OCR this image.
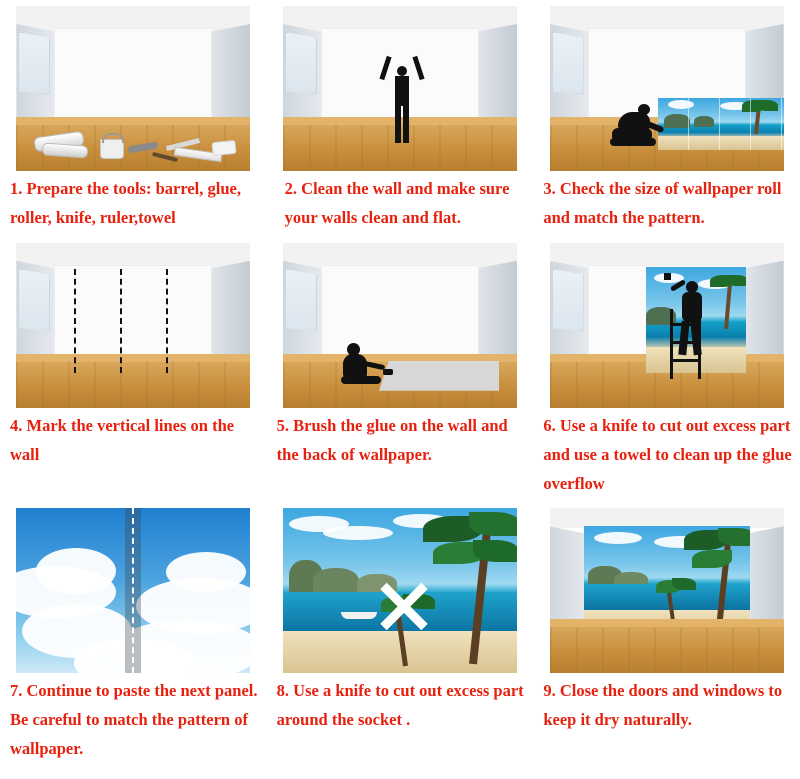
1. Prepare the tools: barrel, glue, roller, knife, ruler,towel
2. Clean the wall and make sure your walls clean and flat.
3. Check the size of wallpaper roll and match the pattern.
4. Mark the vertical lines on the wall
5. Brush the glue on the wall and the back of wallpaper.
6. Use a knife to cut out excess part and use a towel to clean up the glue overflow
7. Continue to paste the next panel. Be careful to match the pattern of wallpaper.
8. Use a knife to cut out excess part around the socket .
9. Close the doors and windows to keep it dry naturally.
